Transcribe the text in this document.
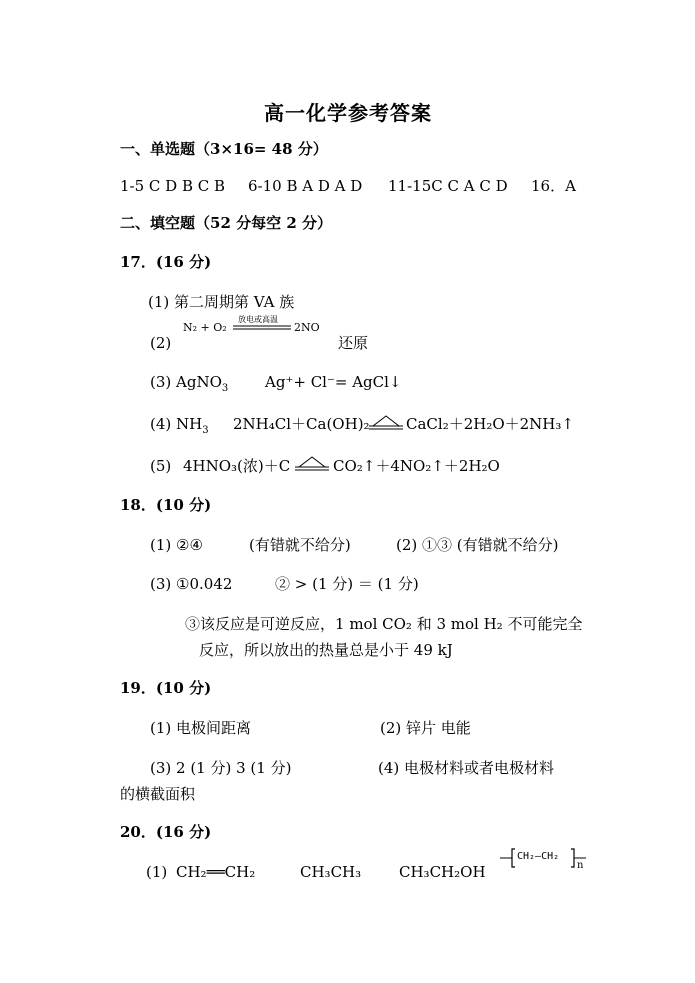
高一化学参考答案
一、单选题（3×16= 48 分）
1-5 C D B C B 6-10 B A D A D 11-15C C A C D 16．A
二、填空题（52 分每空 2 分）
17．(16 分)
(1) 第二周期第 VA 族
(2)
N₂ + O₂
放电或高温
2NO
还原
(3) AgNO$_3$ Ag⁺+ Cl⁻= AgCl↓
(4) $NH_3$ 2NH₄Cl＋Ca(OH)₂ CaCl₂＋2H₂O＋2NH₃↑
(5) 4HNO₃(浓)＋C	CO₂↑＋4NO₂↑＋2H₂O
18．(10 分)
(1) ②④	(有错就不给分)	(2) ①③ (有错就不给分)
(3) ①0.042	② > (1 分) ＝ (1 分)
③该反应是可逆反应，1 mol CO₂ 和 3 mol H₂ 不可能完全
反应，所以放出的热量总是小于 49 kJ
19．(10 分)
(1) 电极间距离	(2) 锌片 电能
(3) 2 (1 分) 3 (1 分)	(4) 电极材料或者电极材料
的横截面积
20．(16 分)
(1) CH₂══CH₂	CH₃CH₃	CH₃CH₂OH
CH₂—CH₂
n
